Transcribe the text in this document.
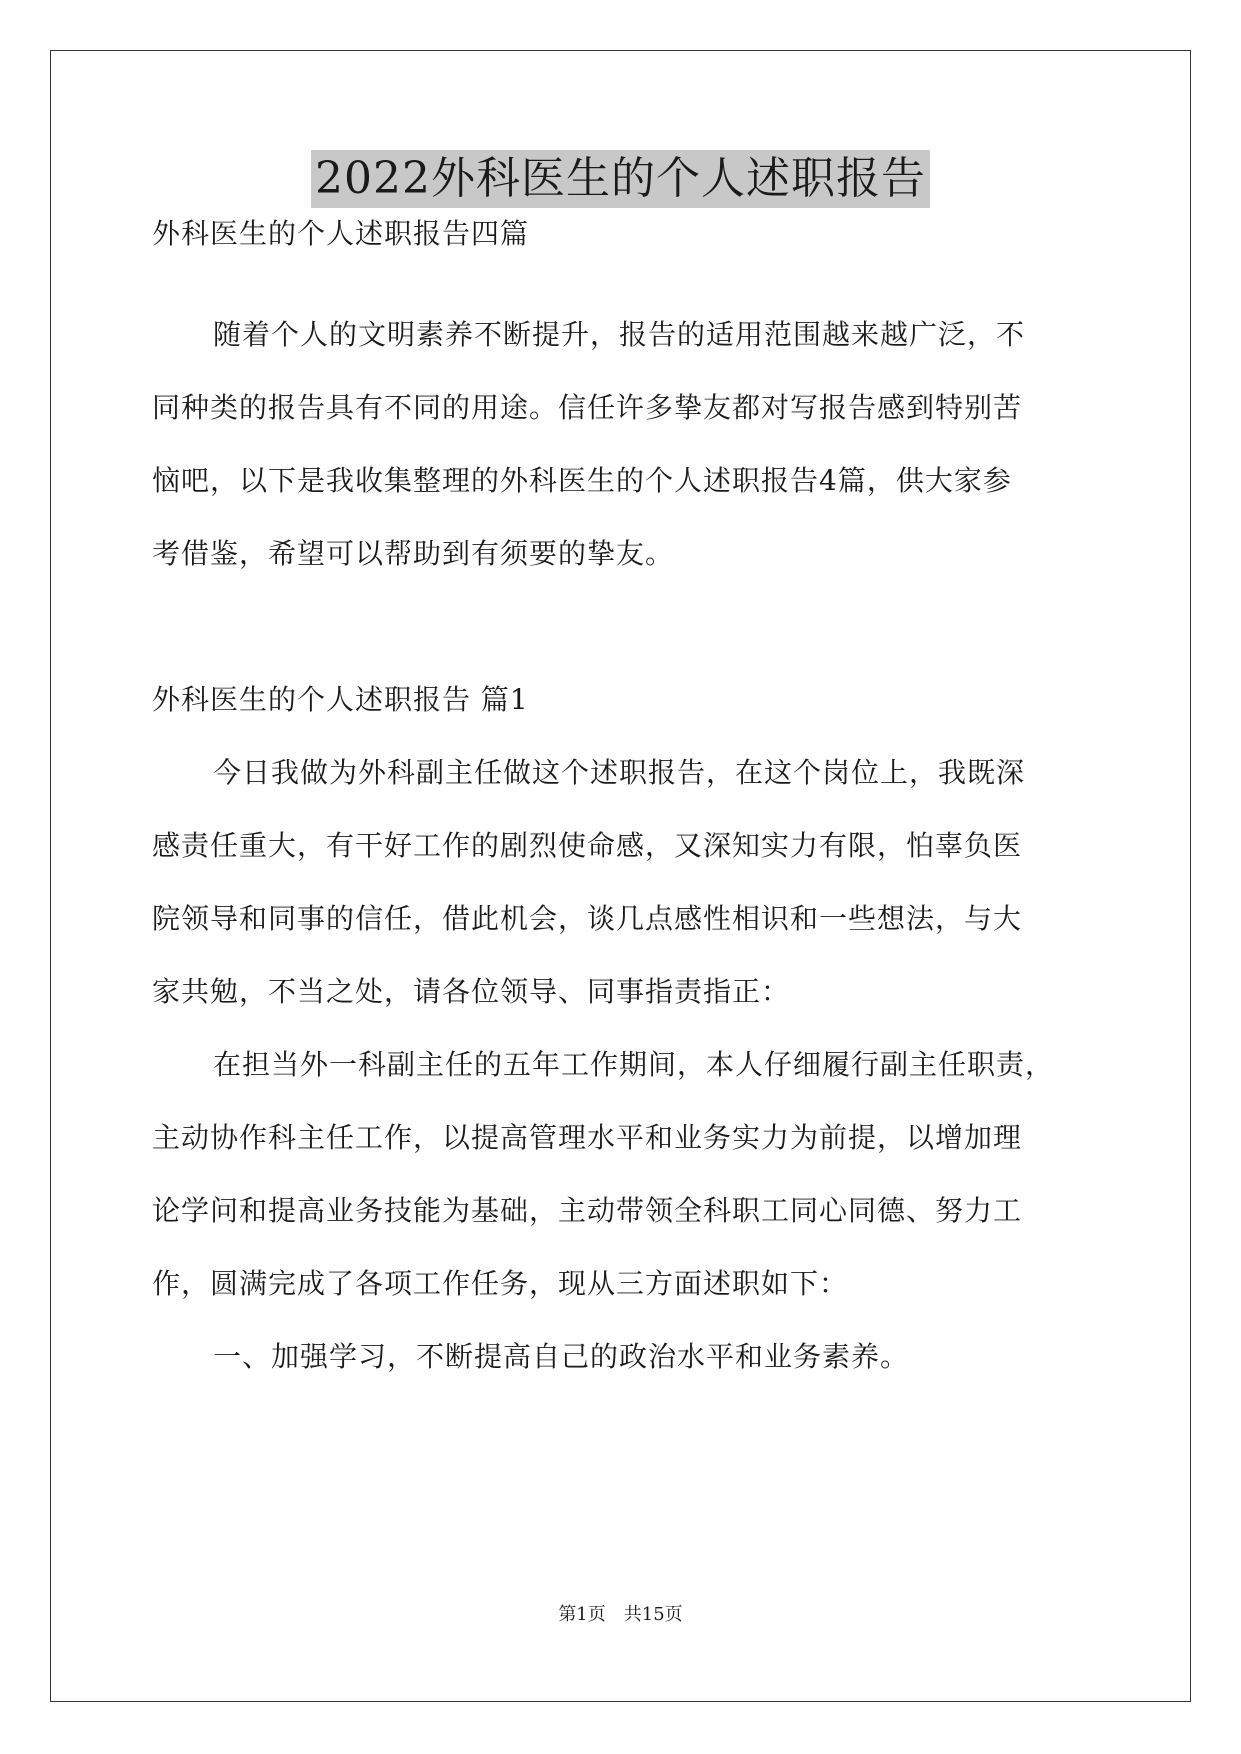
2022外科医生的个人述职报告

外科医生的个人述职报告四篇

随着个人的文明素养不断提升，报告的适用范围越来越广泛，不

同种类的报告具有不同的用途。信任许多挚友都对写报告感到特别苦

恼吧，以下是我收集整理的外科医生的个人述职报告4篇，供大家参

考借鉴，希望可以帮助到有须要的挚友。

外科医生的个人述职报告 篇1

今日我做为外科副主任做这个述职报告，在这个岗位上，我既深

感责任重大，有干好工作的剧烈使命感，又深知实力有限，怕辜负医

院领导和同事的信任，借此机会，谈几点感性相识和一些想法，与大

家共勉，不当之处，请各位领导、同事指责指正：

在担当外一科副主任的五年工作期间，本人仔细履行副主任职责，

主动协作科主任工作，以提高管理水平和业务实力为前提，以增加理

论学问和提高业务技能为基础，主动带领全科职工同心同德、努力工

作，圆满完成了各项工作任务，现从三方面述职如下：

一、加强学习，不断提高自己的政治水平和业务素养。

第1页　共15页
